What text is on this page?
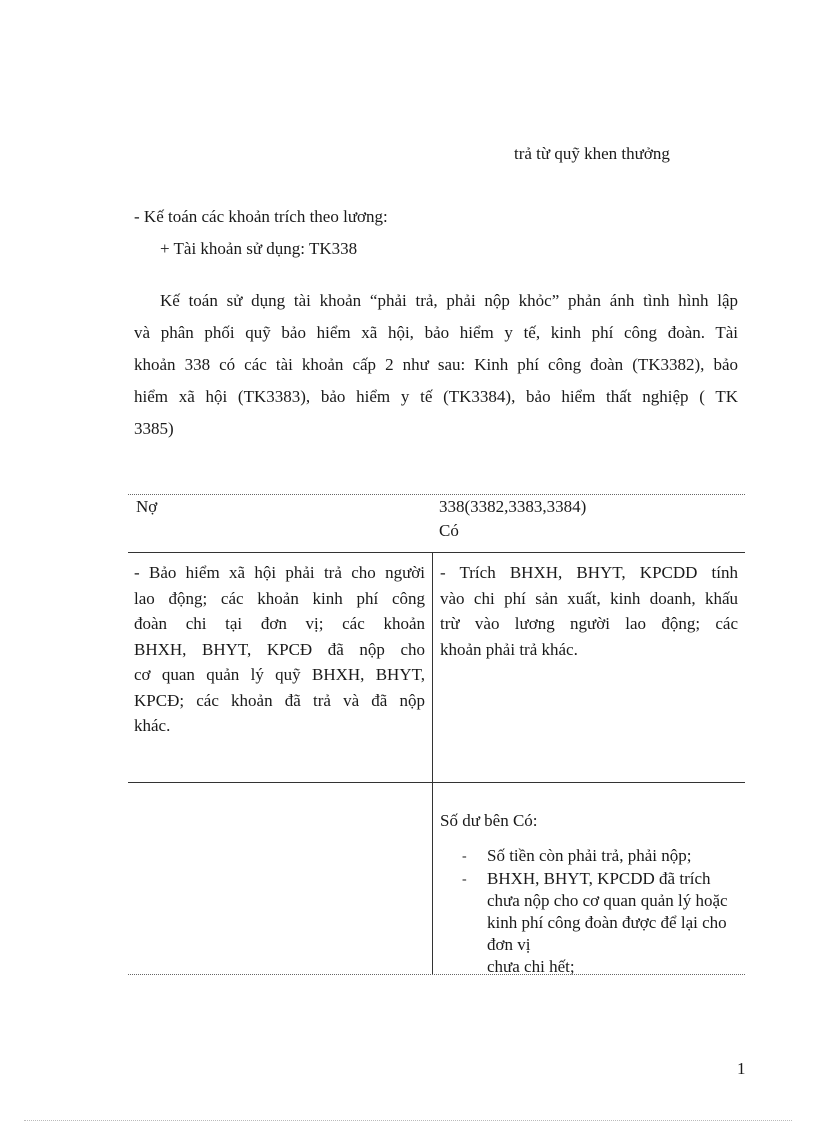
trả từ quỹ khen thưởng
- Kế toán các khoản trích theo lương:
+ Tài khoản sử dụng: TK338
Kế toán sử dụng tài khoản “phải trả, phải nộp khỏc” phản ánh tình hình lập
và phân phối quỹ bảo hiểm xã hội, bảo hiểm y tế, kinh phí công đoàn. Tài
khoản 338 có các tài khoản cấp 2 như sau: Kinh phí công đoàn (TK3382), bảo
hiểm xã hội (TK3383), bảo hiểm y tế (TK3384), bảo hiểm thất nghiệp ( TK
3385)
Nợ	338(3382,3383,3384)
Có
- Bảo hiểm xã hội phải trả cho người
lao động; các khoản kinh phí công
đoàn chi tại đơn vị; các khoản
BHXH, BHYT, KPCĐ đã nộp cho
cơ quan quản lý quỹ BHXH, BHYT,
KPCĐ; các khoản đã trả và đã nộp
khác.
- Trích BHXH, BHYT, KPCDD tính
vào chi phí sản xuất, kinh doanh, khấu
trừ vào lương người lao động; các
khoản phải trả khác.
Số dư bên Có:
- Số tiền còn phải trả, phải nộp;
- BHXH, BHYT, KPCDD đã trích chưa nộp cho cơ quan quản lý hoặc kinh phí công đoàn được để lại cho đơn vị
chưa chi hết;
1
